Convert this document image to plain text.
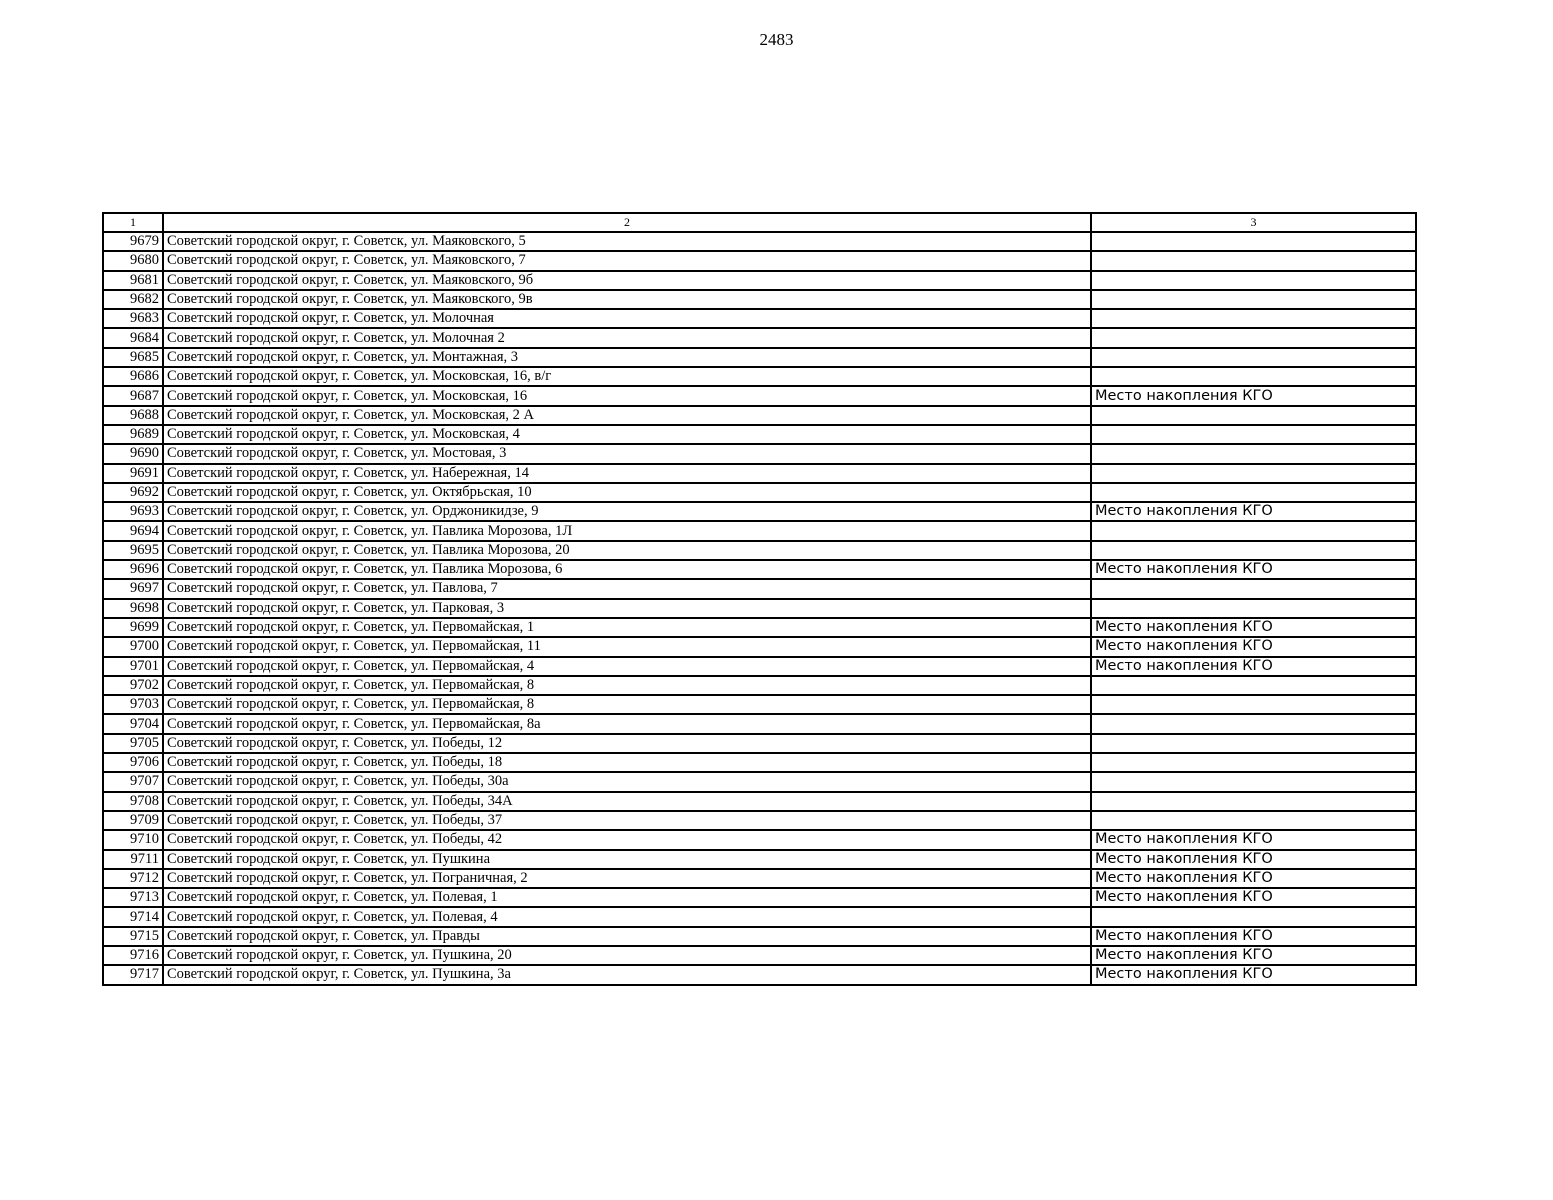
2483
1	2	3
9679	Советский городской округ, г. Советск, ул. Маяковского, 5	
9680	Советский городской округ, г. Советск, ул. Маяковского, 7	
9681	Советский городской округ, г. Советск, ул. Маяковского, 9б	
9682	Советский городской округ, г. Советск, ул. Маяковского, 9в	
9683	Советский городской округ, г. Советск, ул. Молочная	
9684	Советский городской округ, г. Советск, ул. Молочная 2	
9685	Советский городской округ, г. Советск, ул. Монтажная, 3	
9686	Советский городской округ, г. Советск, ул. Московская, 16, в/г	
9687	Советский городской округ, г. Советск, ул. Московская, 16	Место накопления КГО
9688	Советский городской округ, г. Советск, ул. Московская, 2 А	
9689	Советский городской округ, г. Советск, ул. Московская, 4	
9690	Советский городской округ, г. Советск, ул. Мостовая, 3	
9691	Советский городской округ, г. Советск, ул. Набережная, 14	
9692	Советский городской округ, г. Советск, ул. Октябрьская, 10	
9693	Советский городской округ, г. Советск, ул. Орджоникидзе, 9	Место накопления КГО
9694	Советский городской округ, г. Советск, ул. Павлика Морозова, 1Л	
9695	Советский городской округ, г. Советск, ул. Павлика Морозова, 20	
9696	Советский городской округ, г. Советск, ул. Павлика Морозова, 6	Место накопления КГО
9697	Советский городской округ, г. Советск, ул. Павлова, 7	
9698	Советский городской округ, г. Советск, ул. Парковая, 3	
9699	Советский городской округ, г. Советск, ул. Первомайская, 1	Место накопления КГО
9700	Советский городской округ, г. Советск, ул. Первомайская, 11	Место накопления КГО
9701	Советский городской округ, г. Советск, ул. Первомайская, 4	Место накопления КГО
9702	Советский городской округ, г. Советск, ул. Первомайская, 8	
9703	Советский городской округ, г. Советск, ул. Первомайская, 8	
9704	Советский городской округ, г. Советск, ул. Первомайская, 8а	
9705	Советский городской округ, г. Советск, ул. Победы, 12	
9706	Советский городской округ, г. Советск, ул. Победы, 18	
9707	Советский городской округ, г. Советск, ул. Победы, 30а	
9708	Советский городской округ, г. Советск, ул. Победы, 34А	
9709	Советский городской округ, г. Советск, ул. Победы, 37	
9710	Советский городской округ, г. Советск, ул. Победы, 42	Место накопления КГО
9711	Советский городской округ, г. Советск, ул. Пушкина	Место накопления КГО
9712	Советский городской округ, г. Советск, ул. Пограничная, 2	Место накопления КГО
9713	Советский городской округ, г. Советск, ул. Полевая, 1	Место накопления КГО
9714	Советский городской округ, г. Советск, ул. Полевая, 4	
9715	Советский городской округ, г. Советск, ул. Правды	Место накопления КГО
9716	Советский городской округ, г. Советск, ул. Пушкина, 20	Место накопления КГО
9717	Советский городской округ, г. Советск, ул. Пушкина, 3а	Место накопления КГО
